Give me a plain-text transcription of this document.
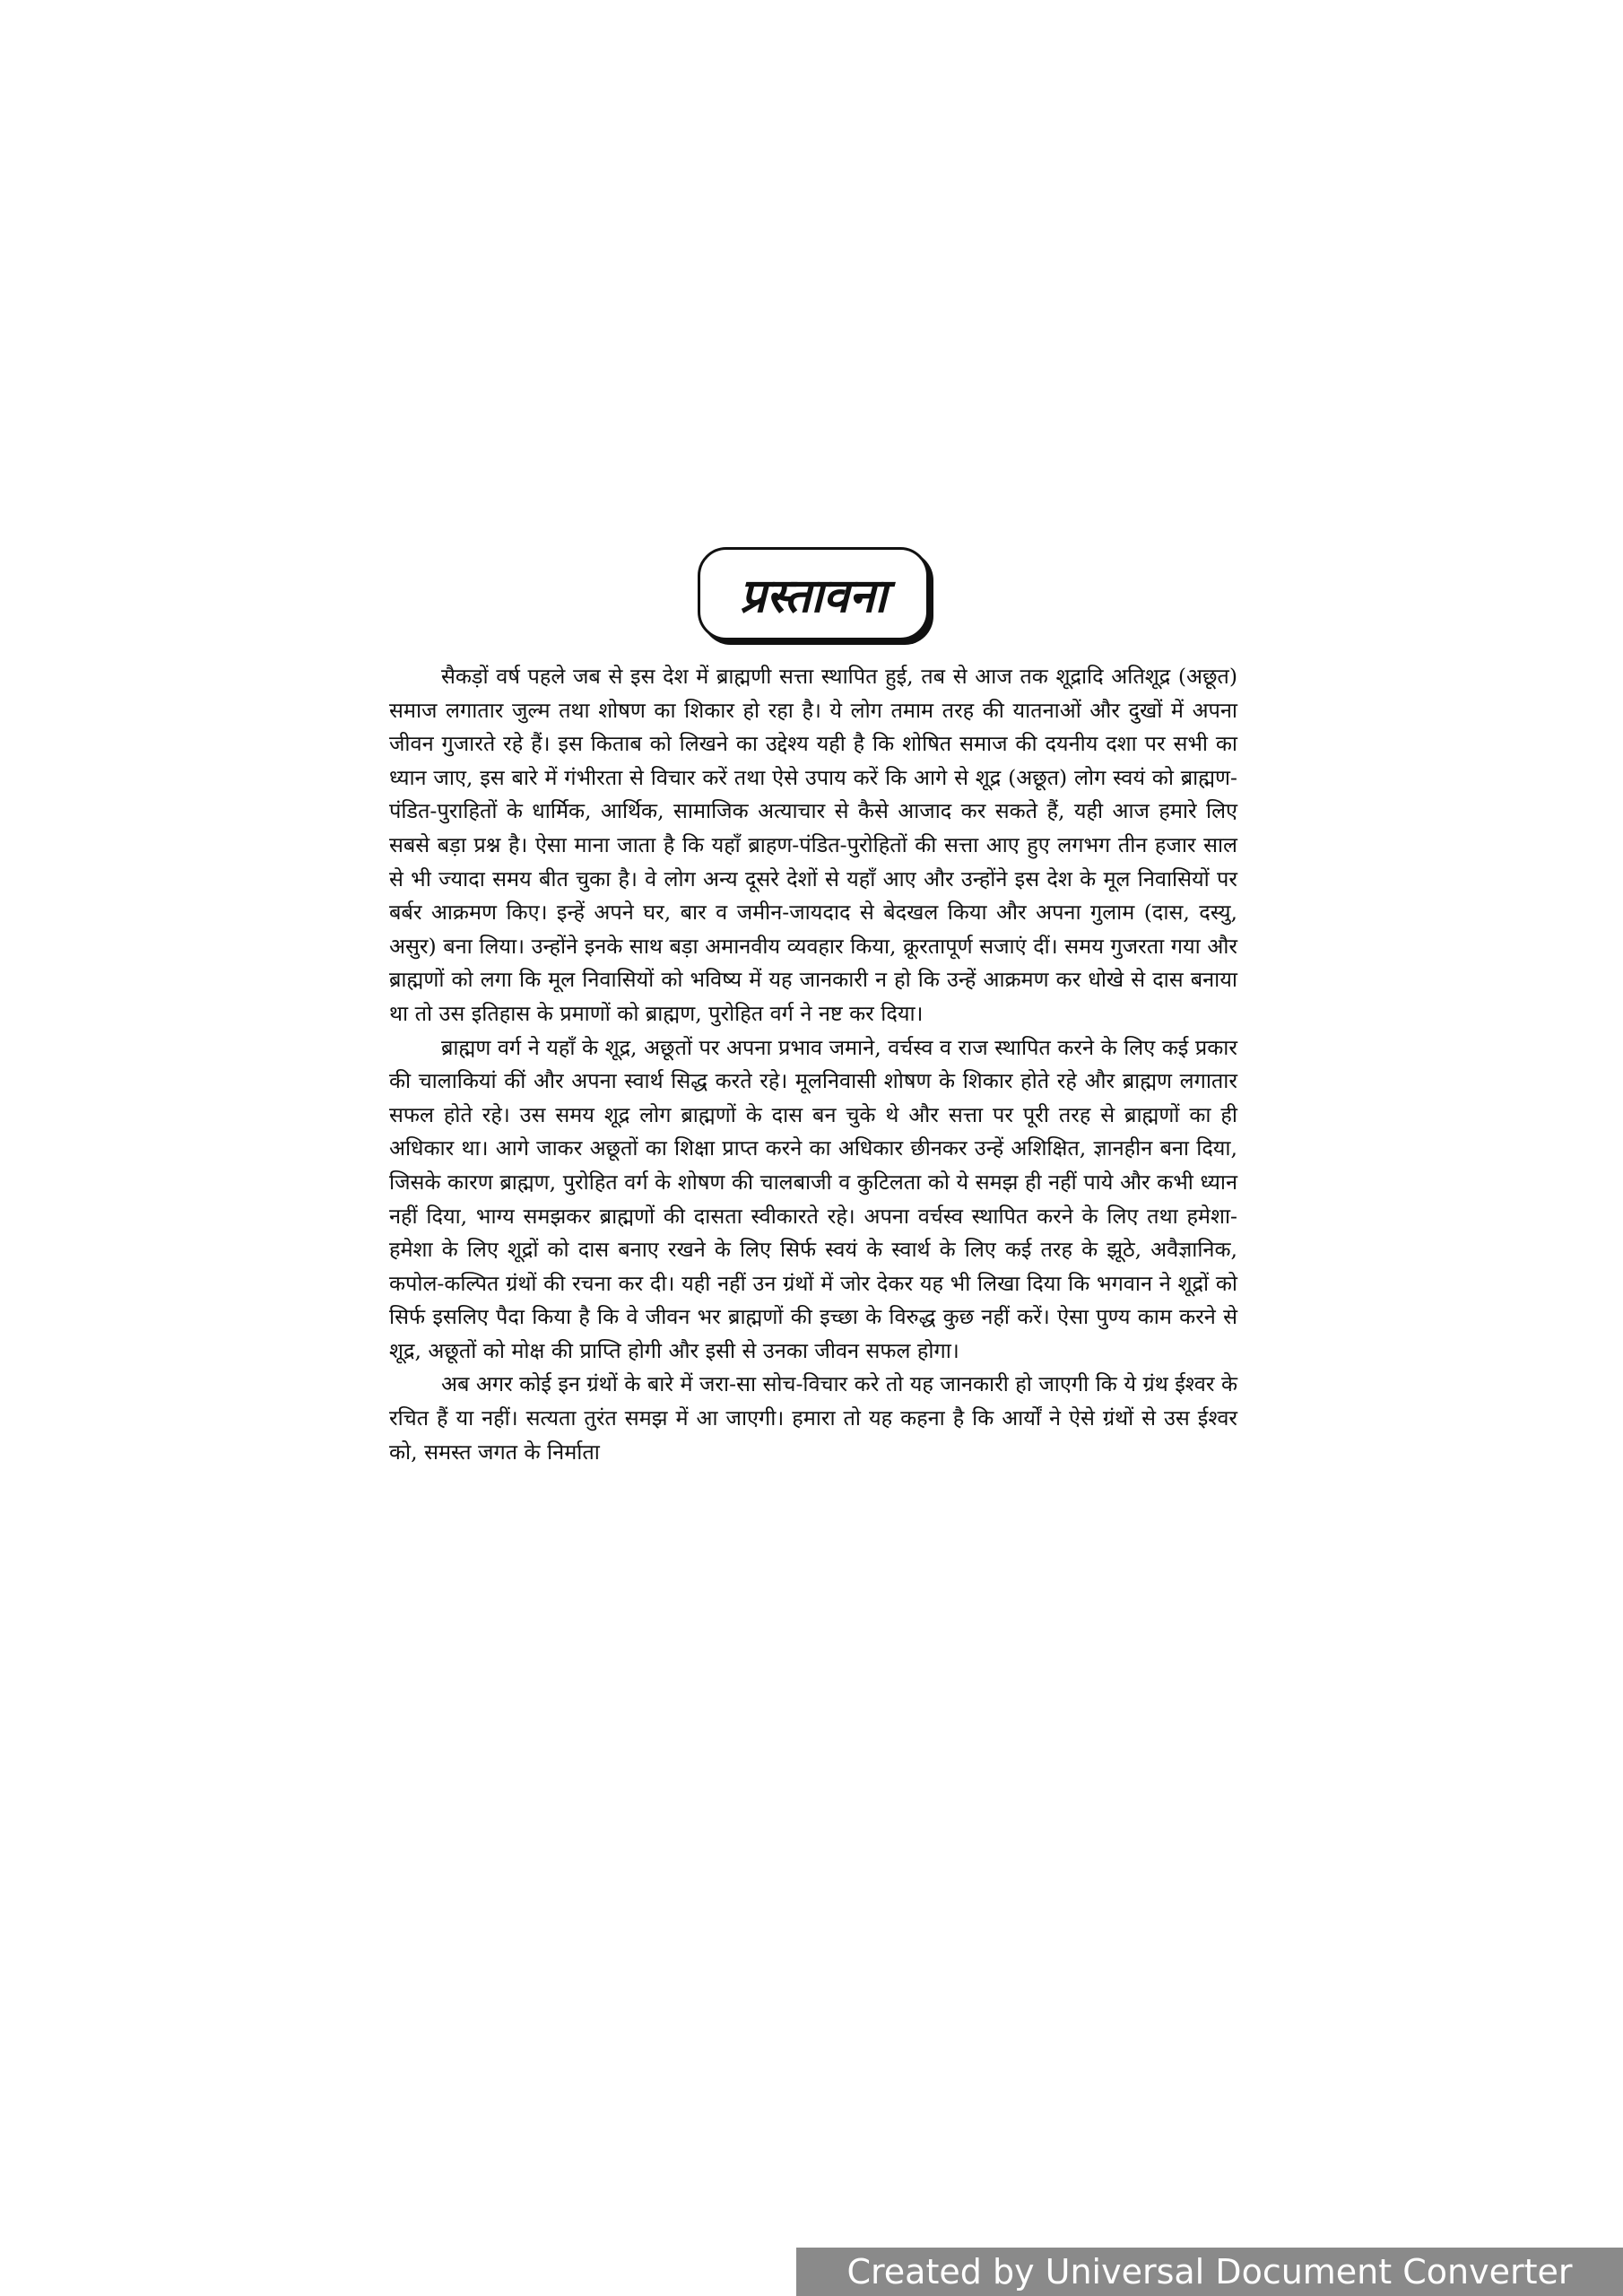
प्रस्तावना

सैकड़ों वर्ष पहले जब से इस देश में ब्राह्मणी सत्ता स्थापित हुई, तब से आज तक शूद्रादि अतिशूद्र (अछूत) समाज लगातार जुल्म तथा शोषण का शिकार हो रहा है। ये लोग तमाम तरह की यातनाओं और दुखों में अपना जीवन गुजारते रहे हैं। इस किताब को लिखने का उद्देश्य यही है कि शोषित समाज की दयनीय दशा पर सभी का ध्यान जाए, इस बारे में गंभीरता से विचार करें तथा ऐसे उपाय करें कि आगे से शूद्र (अछूत) लोग स्वयं को ब्राह्मण-पंडित-पुराहितों के धार्मिक, आर्थिक, सामाजिक अत्याचार से कैसे आजाद कर सकते हैं, यही आज हमारे लिए सबसे बड़ा प्रश्न है। ऐसा माना जाता है कि यहाँ ब्राहण-पंडित-पुरोहितों की सत्ता आए हुए लगभग तीन हजार साल से भी ज्यादा समय बीत चुका है। वे लोग अन्य दूसरे देशों से यहाँ आए और उन्होंने इस देश के मूल निवासियों पर बर्बर आक्रमण किए। इन्हें अपने घर, बार व जमीन-जायदाद से बेदखल किया और अपना गुलाम (दास, दस्यु, असुर) बना लिया। उन्होंने इनके साथ बड़ा अमानवीय व्यवहार किया, क्रूरतापूर्ण सजाएं दीं। समय गुजरता गया और ब्राह्मणों को लगा कि मूल निवासियों को भविष्य में यह जानकारी न हो कि उन्हें आक्रमण कर धोखे से दास बनाया था तो उस इतिहास के प्रमाणों को ब्राह्मण, पुरोहित वर्ग ने नष्ट कर दिया।

ब्राह्मण वर्ग ने यहाँ के शूद्र, अछूतों पर अपना प्रभाव जमाने, वर्चस्व व राज स्थापित करने के लिए कई प्रकार की चालाकियां कीं और अपना स्वार्थ सिद्ध करते रहे। मूलनिवासी शोषण के शिकार होते रहे और ब्राह्मण लगातार सफल होते रहे। उस समय शूद्र लोग ब्राह्मणों के दास बन चुके थे और सत्ता पर पूरी तरह से ब्राह्मणों का ही अधिकार था। आगे जाकर अछूतों का शिक्षा प्राप्त करने का अधिकार छीनकर उन्हें अशिक्षित, ज्ञानहीन बना दिया, जिसके कारण ब्राह्मण, पुरोहित वर्ग के शोषण की चालबाजी व कुटिलता को ये समझ ही नहीं पाये और कभी ध्यान नहीं दिया, भाग्य समझकर ब्राह्मणों की दासता स्वीकारते रहे। अपना वर्चस्व स्थापित करने के लिए तथा हमेशा-हमेशा के लिए शूद्रों को दास बनाए रखने के लिए सिर्फ स्वयं के स्वार्थ के लिए कई तरह के झूठे, अवैज्ञानिक, कपोल-कल्पित ग्रंथों की रचना कर दी। यही नहीं उन ग्रंथों में जोर देकर यह भी लिखा दिया कि भगवान ने शूद्रों को सिर्फ इसलिए पैदा किया है कि वे जीवन भर ब्राह्मणों की इच्छा के विरुद्ध कुछ नहीं करें। ऐसा पुण्य काम करने से शूद्र, अछूतों को मोक्ष की प्राप्ति होगी और इसी से उनका जीवन सफल होगा।

अब अगर कोई इन ग्रंथों के बारे में जरा-सा सोच-विचार करे तो यह जानकारी हो जाएगी कि ये ग्रंथ ईश्वर के रचित हैं या नहीं। सत्यता तुरंत समझ में आ जाएगी। हमारा तो यह कहना है कि आर्यों ने ऐसे ग्रंथों से उस ईश्वर को, समस्त जगत के निर्माता

Created by Universal Document Converter
